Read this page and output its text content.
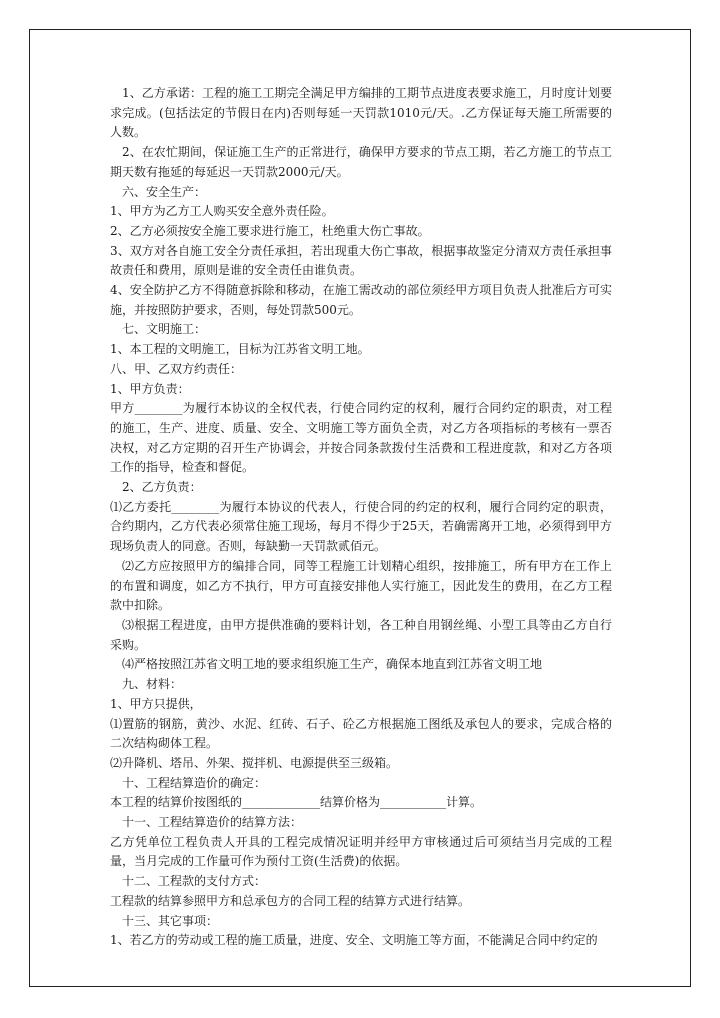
1、乙方承诺：工程的施工工期完全满足甲方编排的工期节点进度表要求施工，月时度计划要求完成。(包括法定的节假日在内)否则每延一天罚款1010元/天。.乙方保证每天施工所需要的人数。

2、在农忙期间，保证施工生产的正常进行，确保甲方要求的节点工期，若乙方施工的节点工期天数有拖延的每延迟一天罚款2000元/天。

六、安全生产：

1、甲方为乙方工人购买安全意外责任险。

2、乙方必须按安全施工要求进行施工，杜绝重大伤亡事故。

3、双方对各自施工安全分责任承担，若出现重大伤亡事故，根据事故鉴定分清双方责任承担事故责任和费用，原则是谁的安全责任由谁负责。

4、安全防护乙方不得随意拆除和移动，在施工需改动的部位须经甲方项目负责人批准后方可实施，并按照防护要求，否则，每处罚款500元。

七、文明施工：

1、本工程的文明施工，目标为江苏省文明工地。

八、甲、乙双方约责任：

1、甲方负责：

甲方________为履行本协议的全权代表，行使合同约定的权利，履行合同约定的职责，对工程的施工，生产、进度、质量、安全、文明施工等方面负全责，对乙方各项指标的考核有一票否决权，对乙方定期的召开生产协调会，并按合同条款拨付生活费和工程进度款，和对乙方各项工作的指导，检查和督促。

2、乙方负责：

⑴乙方委托________为履行本协议的代表人，行使合同的约定的权利，履行合同约定的职责，合约期内，乙方代表必须常住施工现场，每月不得少于25天，若确需离开工地，必须得到甲方现场负责人的同意。否则，每缺勤一天罚款贰佰元。

⑵乙方应按照甲方的编排合同，同等工程施工计划精心组织，按排施工，所有甲方在工作上的布置和调度，如乙方不执行，甲方可直接安排他人实行施工，因此发生的费用，在乙方工程款中扣除。

⑶根据工程进度，由甲方提供准确的要料计划，各工种自用钢丝绳、小型工具等由乙方自行采购。

⑷严格按照江苏省文明工地的要求组织施工生产，确保本地直到江苏省文明工地

九、材料：

1、甲方只提供，

⑴置筋的钢筋，黄沙、水泥、红砖、石子、砼乙方根据施工图纸及承包人的要求，完成合格的二次结构砌体工程。

⑵升降机、塔吊、外架、搅拌机、电源提供至三级箱。

十、工程结算造价的确定：

本工程的结算价按图纸的_____________结算价格为___________计算。

十一、工程结算造价的结算方法：

乙方凭单位工程负责人开具的工程完成情况证明并经甲方审核通过后可须结当月完成的工程量，当月完成的工作量可作为预付工资(生活费)的依据。

十二、工程款的支付方式：

工程款的结算参照甲方和总承包方的合同工程的结算方式进行结算。

十三、其它事项：

1、若乙方的劳动或工程的施工质量，进度、安全、文明施工等方面，不能满足合同中约定的
